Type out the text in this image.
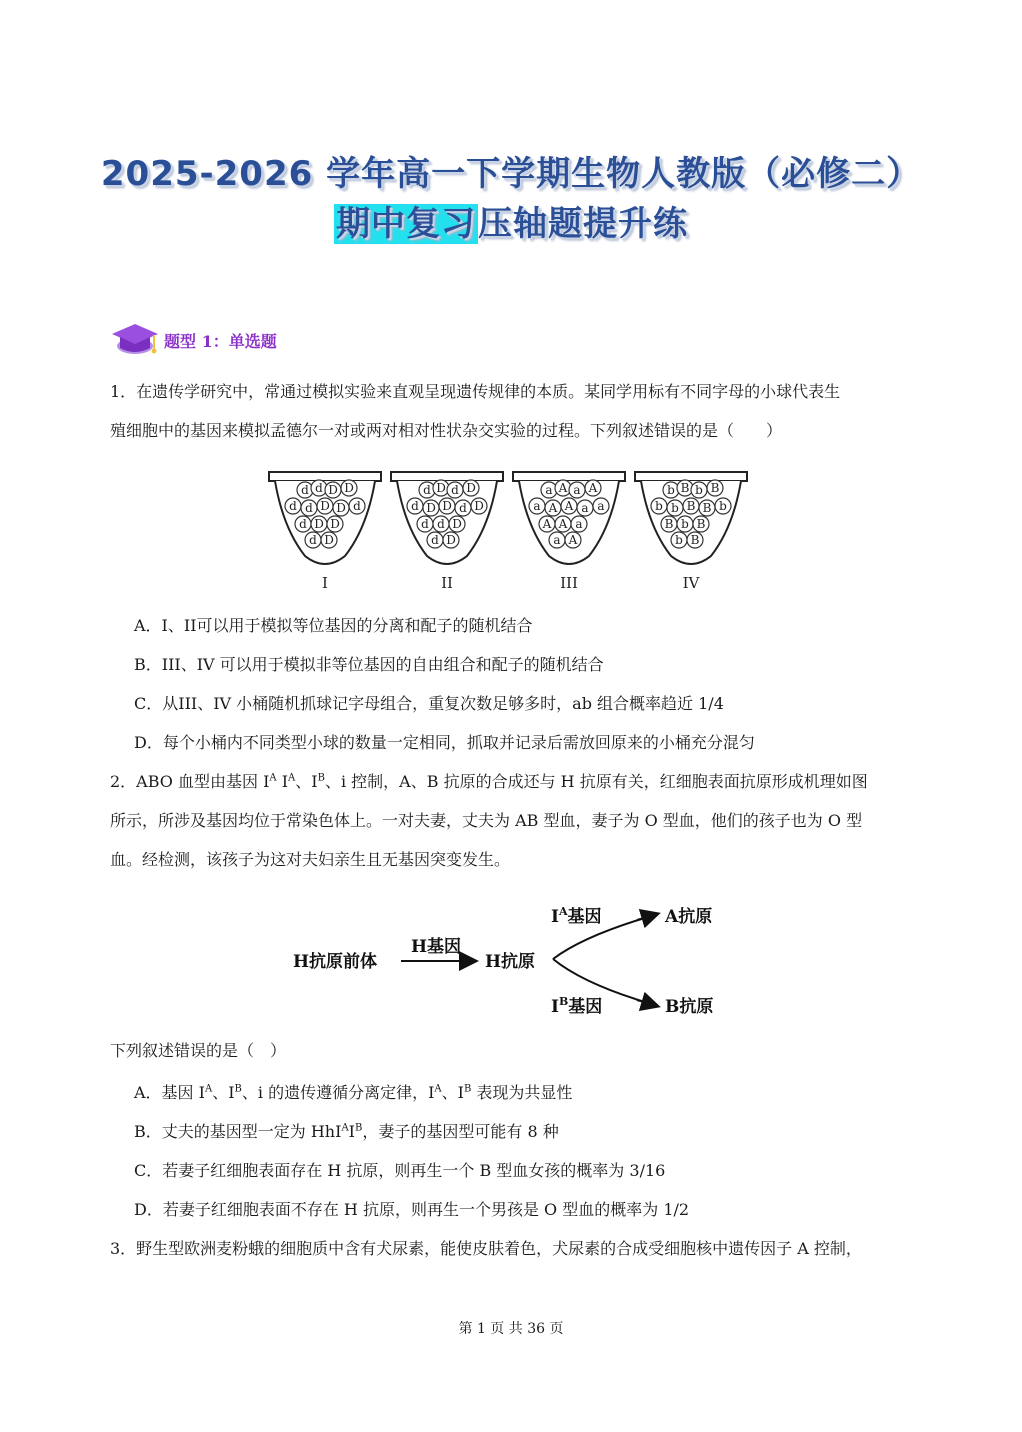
2025-2026 学年高一下学期生物人教版（必修二）
期中复习压轴题提升练
题型 1：单选题
1．在遗传学研究中，常通过模拟实验来直观呈现遗传规律的本质。某同学用标有不同字母的小球代表生
殖细胞中的基因来模拟孟德尔一对或两对相对性状杂交实验的过程。下列叙述错误的是（　　）
d d D D
d d D D d
d D D
d D
I
d D d D
d D D d D
d d D
d D
II
a A a A
a A A a a
A A a
a A
III
b B b B
b b B B b
B b B
b B
IV
A．I、II可以用于模拟等位基因的分离和配子的随机结合
B．III、IV 可以用于模拟非等位基因的自由组合和配子的随机结合
C．从III、IV 小桶随机抓球记字母组合，重复次数足够多时，ab 组合概率趋近 1/4
D．每个小桶内不同类型小球的数量一定相同，抓取并记录后需放回原来的小桶充分混匀
2．ABO 血型由基因 $I^A$ $I^A$、$I^B$、i 控制，A、B 抗原的合成还与 H 抗原有关，红细胞表面抗原形成机理如图
所示，所涉及基因均位于常染色体上。一对夫妻，丈夫为 AB 型血，妻子为 O 型血，他们的孩子也为 O 型
血。经检测，该孩子为这对夫妇亲生且无基因突变发生。
H抗原前体
H基因
H抗原
$I^A$基因
$I^B$基因
A抗原
B抗原
下列叙述错误的是（　）
A．基因 $I^A$、$I^B$、i 的遗传遵循分离定律，$I^A$、$I^B$ 表现为共显性
B．丈夫的基因型一定为 $HhI^AI^B$，妻子的基因型可能有 8 种
C．若妻子红细胞表面存在 H 抗原，则再生一个 B 型血女孩的概率为 3/16
D．若妻子红细胞表面不存在 H 抗原，则再生一个男孩是 O 型血的概率为 1/2
3．野生型欧洲麦粉蛾的细胞质中含有犬尿素，能使皮肤着色，犬尿素的合成受细胞核中遗传因子 A 控制，
第 1 页 共 36 页
